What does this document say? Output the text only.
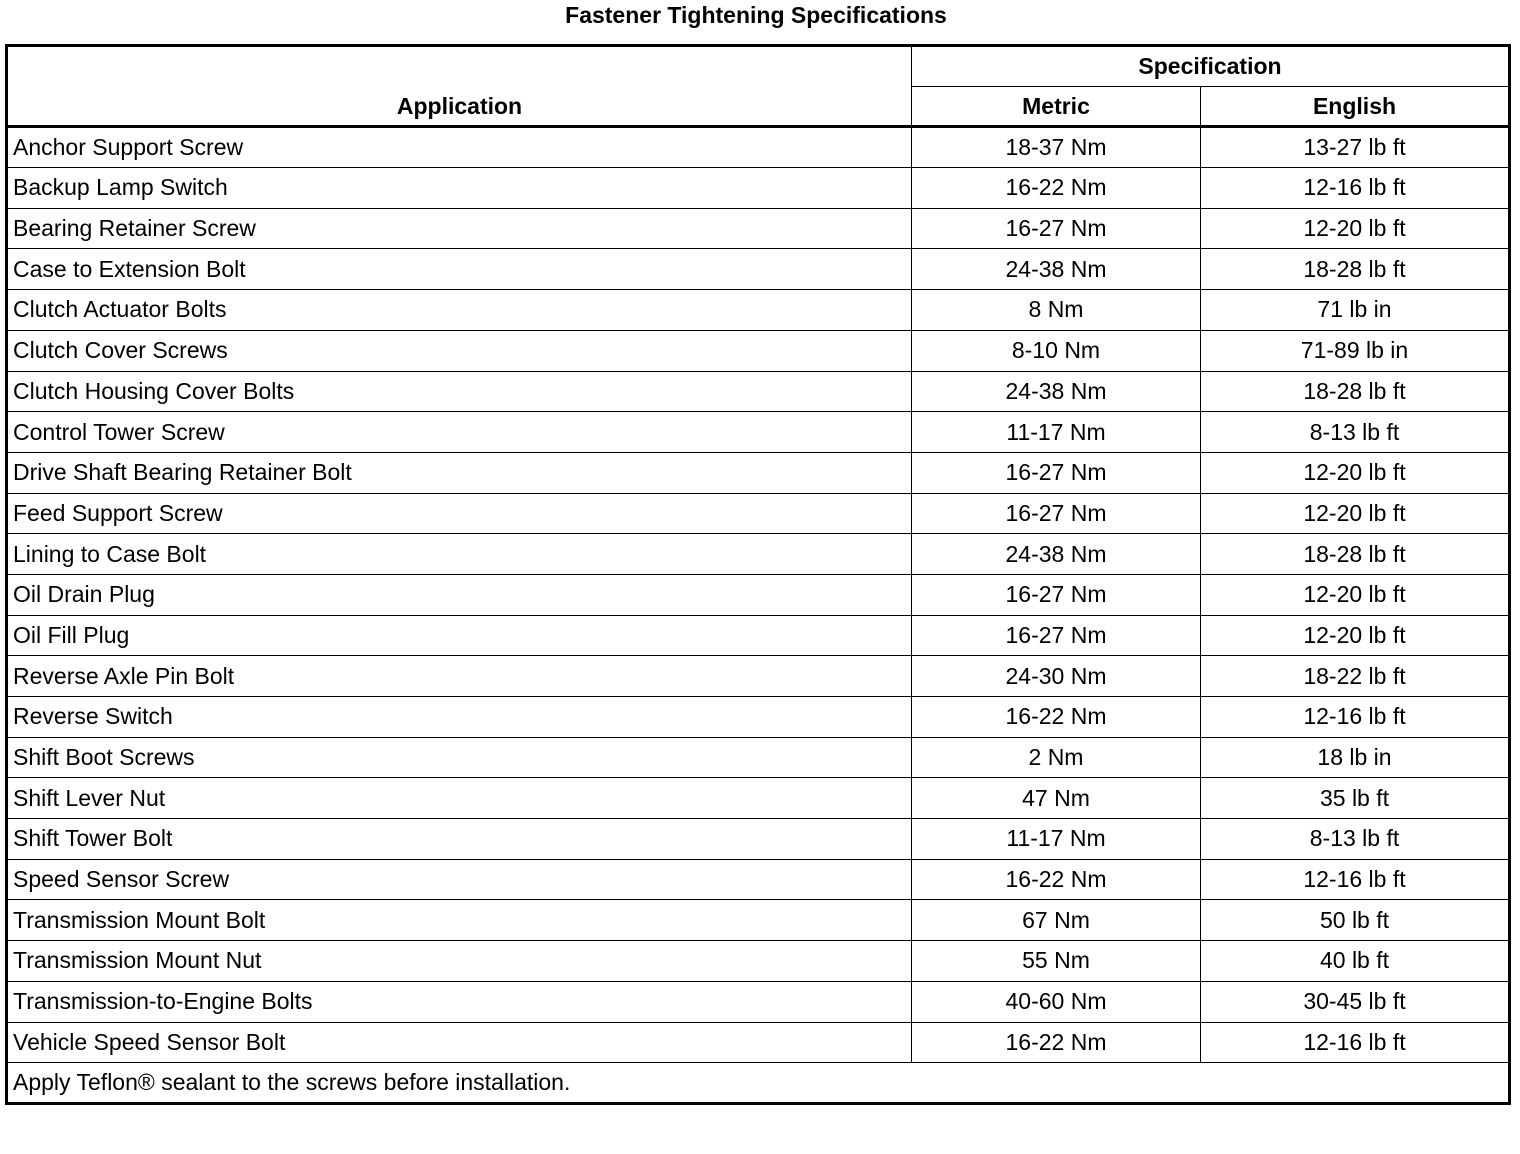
Fastener Tightening Specifications
Application	Specification	
	Metric	English
Anchor Support Screw	18-37 Nm	13-27 lb ft
Backup Lamp Switch	16-22 Nm	12-16 lb ft
Bearing Retainer Screw	16-27 Nm	12-20 lb ft
Case to Extension Bolt	24-38 Nm	18-28 lb ft
Clutch Actuator Bolts	8 Nm	71 lb in
Clutch Cover Screws	8-10 Nm	71-89 lb in
Clutch Housing Cover Bolts	24-38 Nm	18-28 lb ft
Control Tower Screw	11-17 Nm	8-13 lb ft
Drive Shaft Bearing Retainer Bolt	16-27 Nm	12-20 lb ft
Feed Support Screw	16-27 Nm	12-20 lb ft
Lining to Case Bolt	24-38 Nm	18-28 lb ft
Oil Drain Plug	16-27 Nm	12-20 lb ft
Oil Fill Plug	16-27 Nm	12-20 lb ft
Reverse Axle Pin Bolt	24-30 Nm	18-22 lb ft
Reverse Switch	16-22 Nm	12-16 lb ft
Shift Boot Screws	2 Nm	18 lb in
Shift Lever Nut	47 Nm	35 lb ft
Shift Tower Bolt	11-17 Nm	8-13 lb ft
Speed Sensor Screw	16-22 Nm	12-16 lb ft
Transmission Mount Bolt	67 Nm	50 lb ft
Transmission Mount Nut	55 Nm	40 lb ft
Transmission-to-Engine Bolts	40-60 Nm	30-45 lb ft
Vehicle Speed Sensor Bolt	16-22 Nm	12-16 lb ft
Apply Teflon® sealant to the screws before installation.		
